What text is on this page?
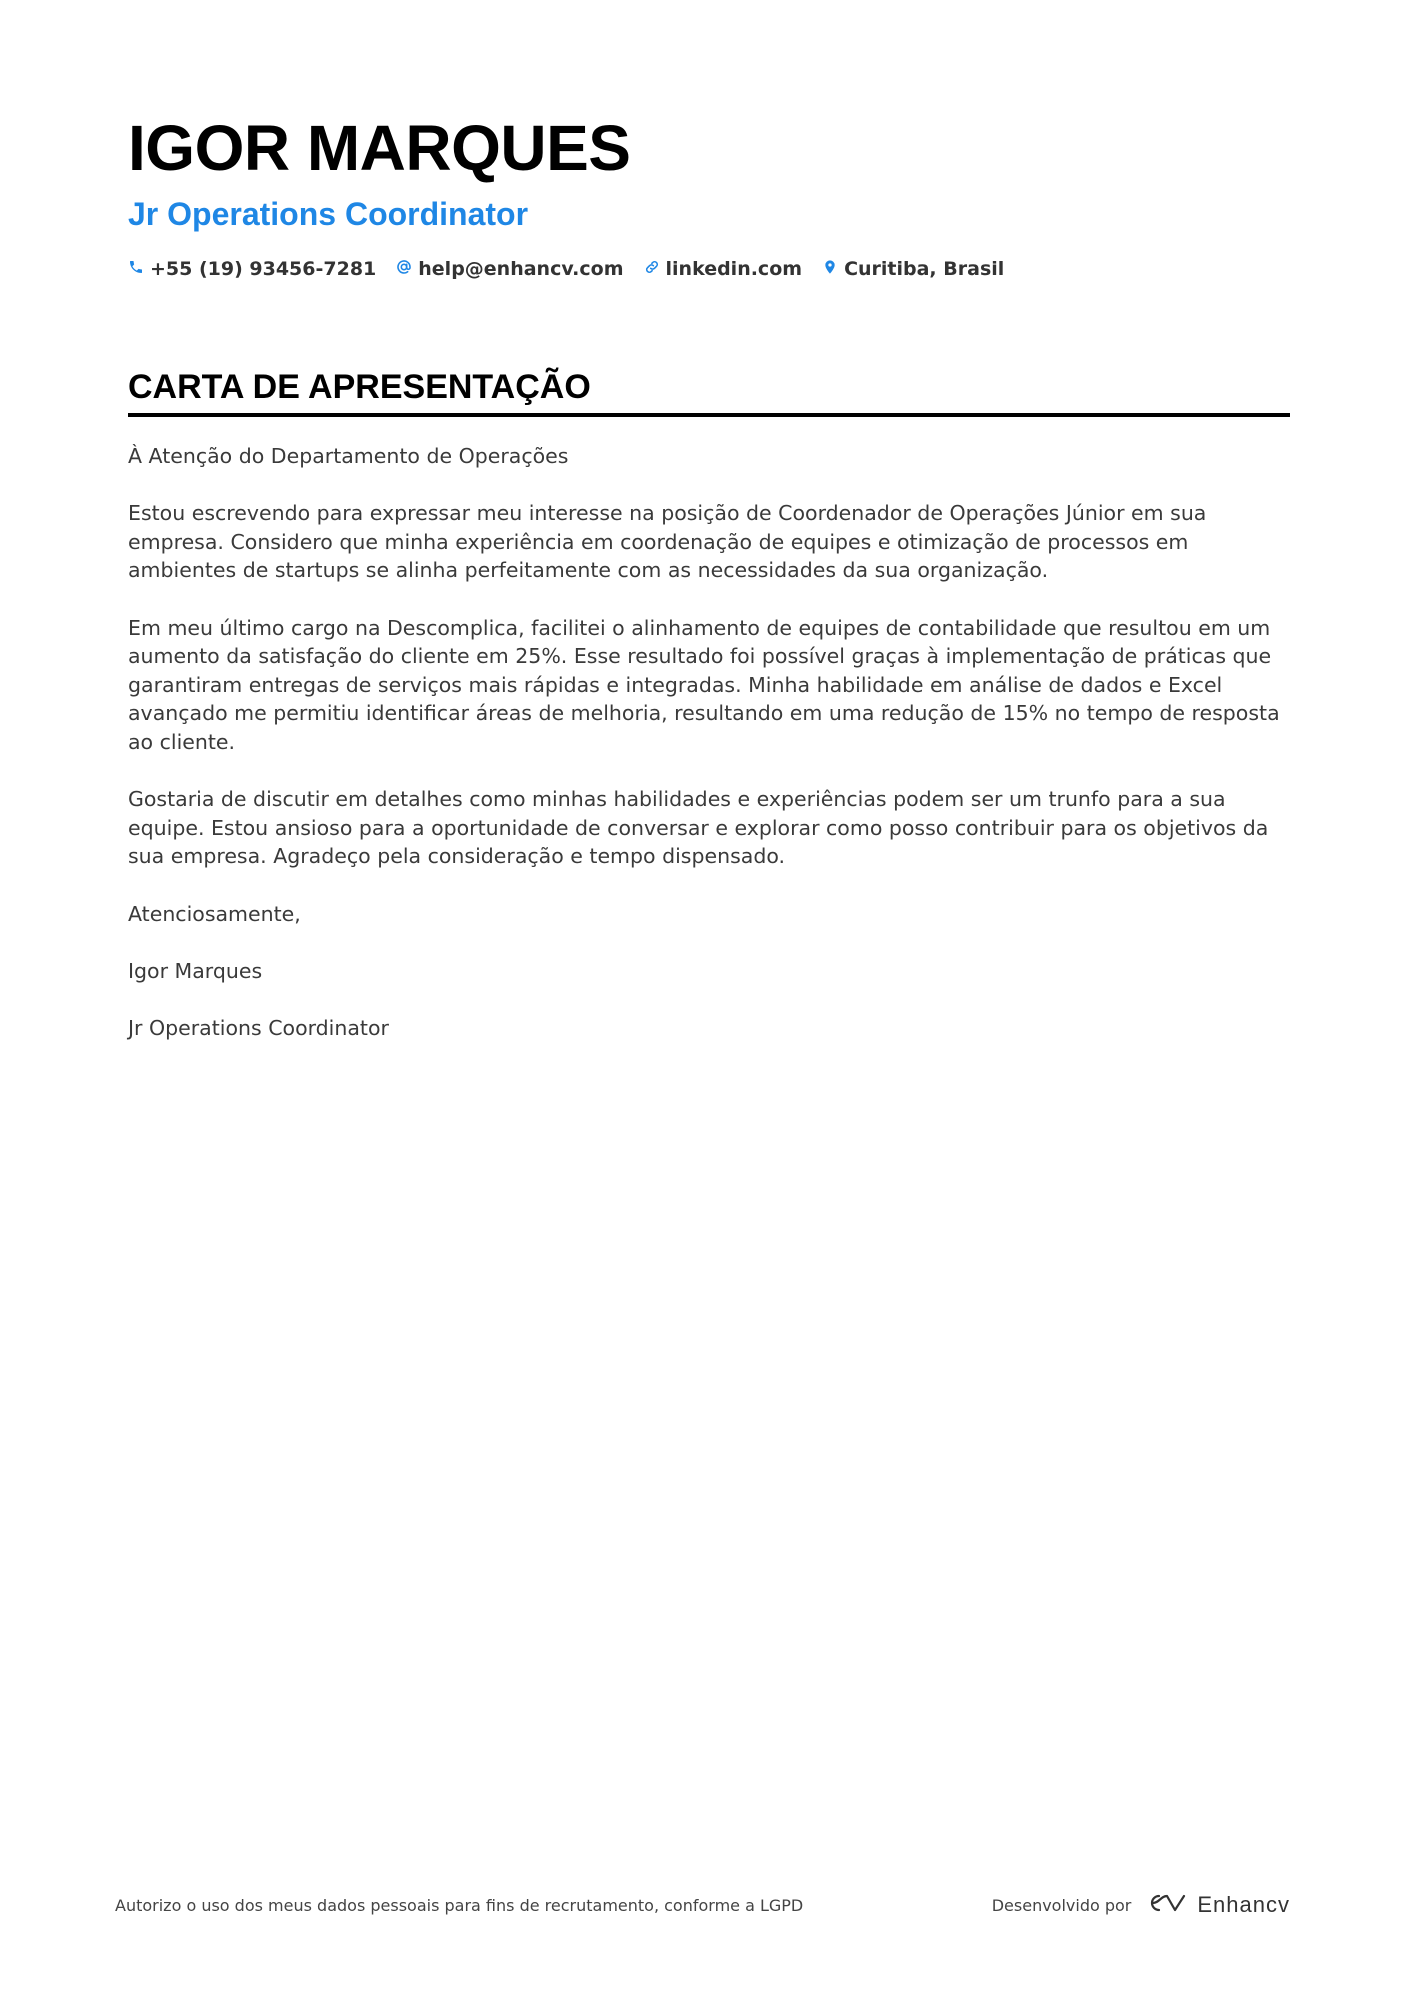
IGOR MARQUES
Jr Operations Coordinator
+55 (19) 93456-7281 help@enhancv.com linkedin.com Curitiba, Brasil
CARTA DE APRESENTAÇÃO

À Atenção do Departamento de Operações

Estou escrevendo para expressar meu interesse na posição de Coordenador de Operações Júnior em sua empresa. Considero que minha experiência em coordenação de equipes e otimização de processos em ambientes de startups se alinha perfeitamente com as necessidades da sua organização.

Em meu último cargo na Descomplica, facilitei o alinhamento de equipes de contabilidade que resultou em um aumento da satisfação do cliente em 25%. Esse resultado foi possível graças à implementação de práticas que garantiram entregas de serviços mais rápidas e integradas. Minha habilidade em análise de dados e Excel avançado me permitiu identificar áreas de melhoria, resultando em uma redução de 15% no tempo de resposta ao cliente.

Gostaria de discutir em detalhes como minhas habilidades e experiências podem ser um trunfo para a sua equipe. Estou ansioso para a oportunidade de conversar e explorar como posso contribuir para os objetivos da sua empresa. Agradeço pela consideração e tempo dispensado.

Atenciosamente,

Igor Marques

Jr Operations Coordinator

Autorizo o uso dos meus dados pessoais para fins de recrutamento, conforme a LGPD	Desenvolvido por	Enhancv
